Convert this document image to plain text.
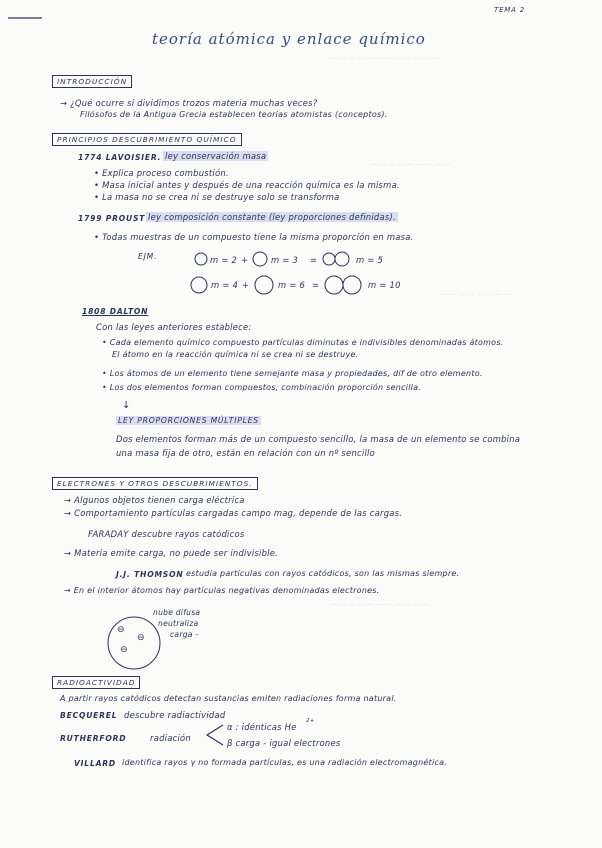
— — — — — — — — — — — —
— — — — — — — — —
— — — — — — — —
— — — — — — — — — — —
TEMA 2
teoría atómica y enlace químico
INTRODUCCIÓN
→ ¿Qué ocurre si dividimos trozos materia muchas veces?
Filósofos de la Antigua Grecia establecen teorías atomistas (conceptos).
PRINCIPIOS DESCUBRIMIENTO QUÍMICO
1774 LAVOISIER. ley conservación masa
• Explica proceso combustión.
• Masa inicial antes y después de una reacción química es la misma.
• La masa no se crea ni se destruye solo se transforma
1799 PROUST ley composición constante (ley proporciones definidas).
• Todas muestras de un compuesto tiene la misma proporción en masa.
EJM.	m = 2 +	m = 3 =	m = 5
m = 4 +	m = 6 =	m = 10
1808 DALTON
Con las leyes anteriores establece:
• Cada elemento químico compuesto partículas diminutas e indivisibles denominadas átomos.
El átomo en la reacción química ni se crea ni se destruye.
• Los átomos de un elemento tiene semejante masa y propiedades, dif de otro elemento.
• Los dos elementos forman compuestos, combinación proporción sencilla.
↓
LEY PROPORCIONES MÚLTIPLES
Dos elementos forman más de un compuesto sencillo, la masa de un elemento se combina
una masa fija de otro, están en relación con un nº sencillo
ELECTRONES Y OTROS DESCUBRIMIENTOS.
→ Algunos objetos tienen carga eléctrica
→ Comportamiento partículas cargadas campo mag, depende de las cargas.
FARADAY descubre rayos catódicos
→ Materia emite carga, no puede ser indivisible.
J.J. THOMSON estudia partículas con rayos catódicos, son las mismas siempre.
→ En el interior átomos hay partículas negativas denominadas electrones.
⊖
⊖
⊖
nube difusa
neutraliza
carga -
RADIOACTIVIDAD
A partir rayos catódicos detectan sustancias emiten radiaciones forma natural.
BECQUEREL descubre radiactividad
RUTHERFORD	radiación
α : idénticas He
2+
β carga - igual electrones
VILLARD identifica rayos γ no formada partículas, es una radiación electromagnética.
